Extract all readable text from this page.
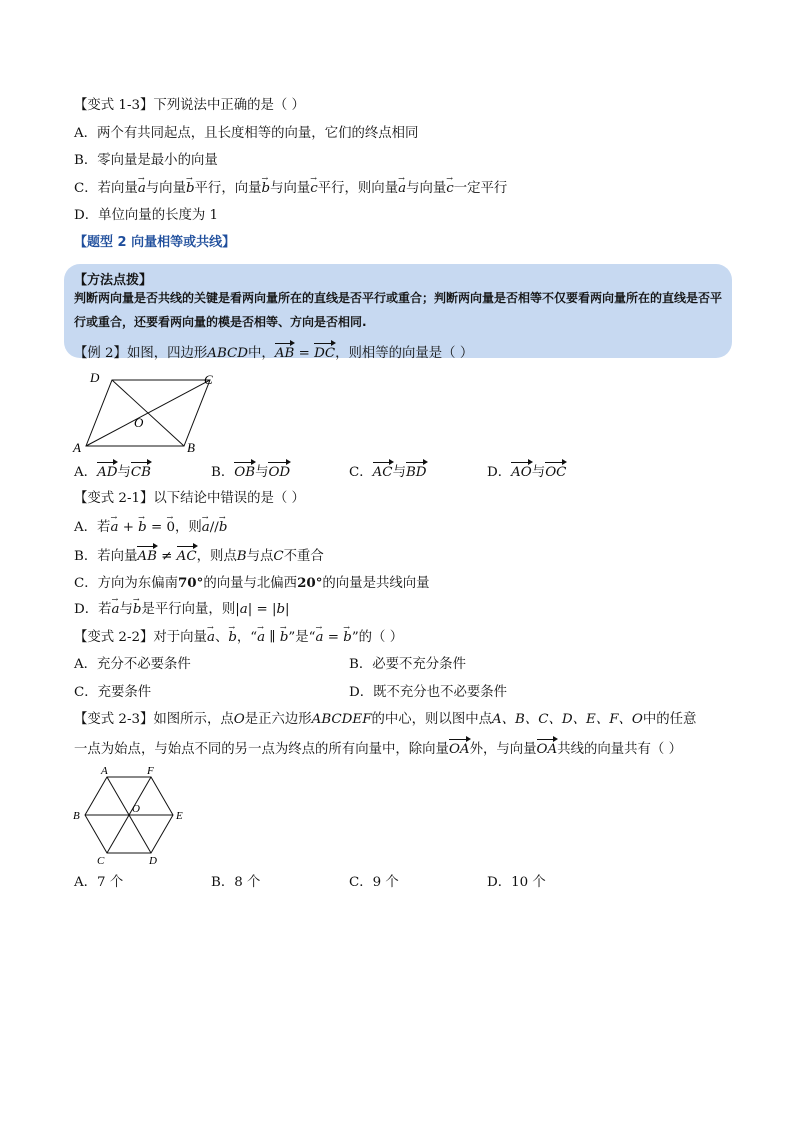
【变式 1-3】下列说法中正确的是（ ）
A．两个有共同起点，且长度相等的向量，它们的终点相同
B．零向量是最小的向量
C．若向量a →与向量b →平行，向量b →与向量c →平行，则向量a →与向量c →一定平行
D．单位向量的长度为 1
【题型 2 向量相等或共线】
【方法点拨】
判断两向量是否共线的关键是看两向量所在的直线是否平行或重合；判断两向量是否相等不仅要看两向量所在的直线是否平行或重合，还要看两向量的模是否相等、方向是否相同.
【例 2】如图，四边形ABCD中，AB = DC，则相等的向量是（ ）
A	B
C
D
O
A．AD与CB	B．OB与OD	C．AC与BD	D．AO与OC
【变式 2-1】以下结论中错误的是（ ）
A．若a → + b → = 0 →，则a →//b →
B．若向量AB ≠ AC，则点B与点C不重合
C．方向为东偏南70°的向量与北偏西20°的向量是共线向量
D．若a →与b →是平行向量，则|a| = |b|
【变式 2-2】对于向量a →、b →，“a → ∥ b →”是“a → = b →”的（ ）
A．充分不必要条件	B．必要不充分条件
C．充要条件	D．既不充分也不必要条件
【变式 2-3】如图所示，点O是正六边形ABCDEF的中心，则以图中点A、B、C、D、E、F、O中的任意
一点为始点，与始点不同的另一点为终点的所有向量中，除向量OA外，与向量OA共线的向量共有（ ）
A	F
B	E
C	D
O
A．7 个	B．8 个	C．9 个	D．10 个
